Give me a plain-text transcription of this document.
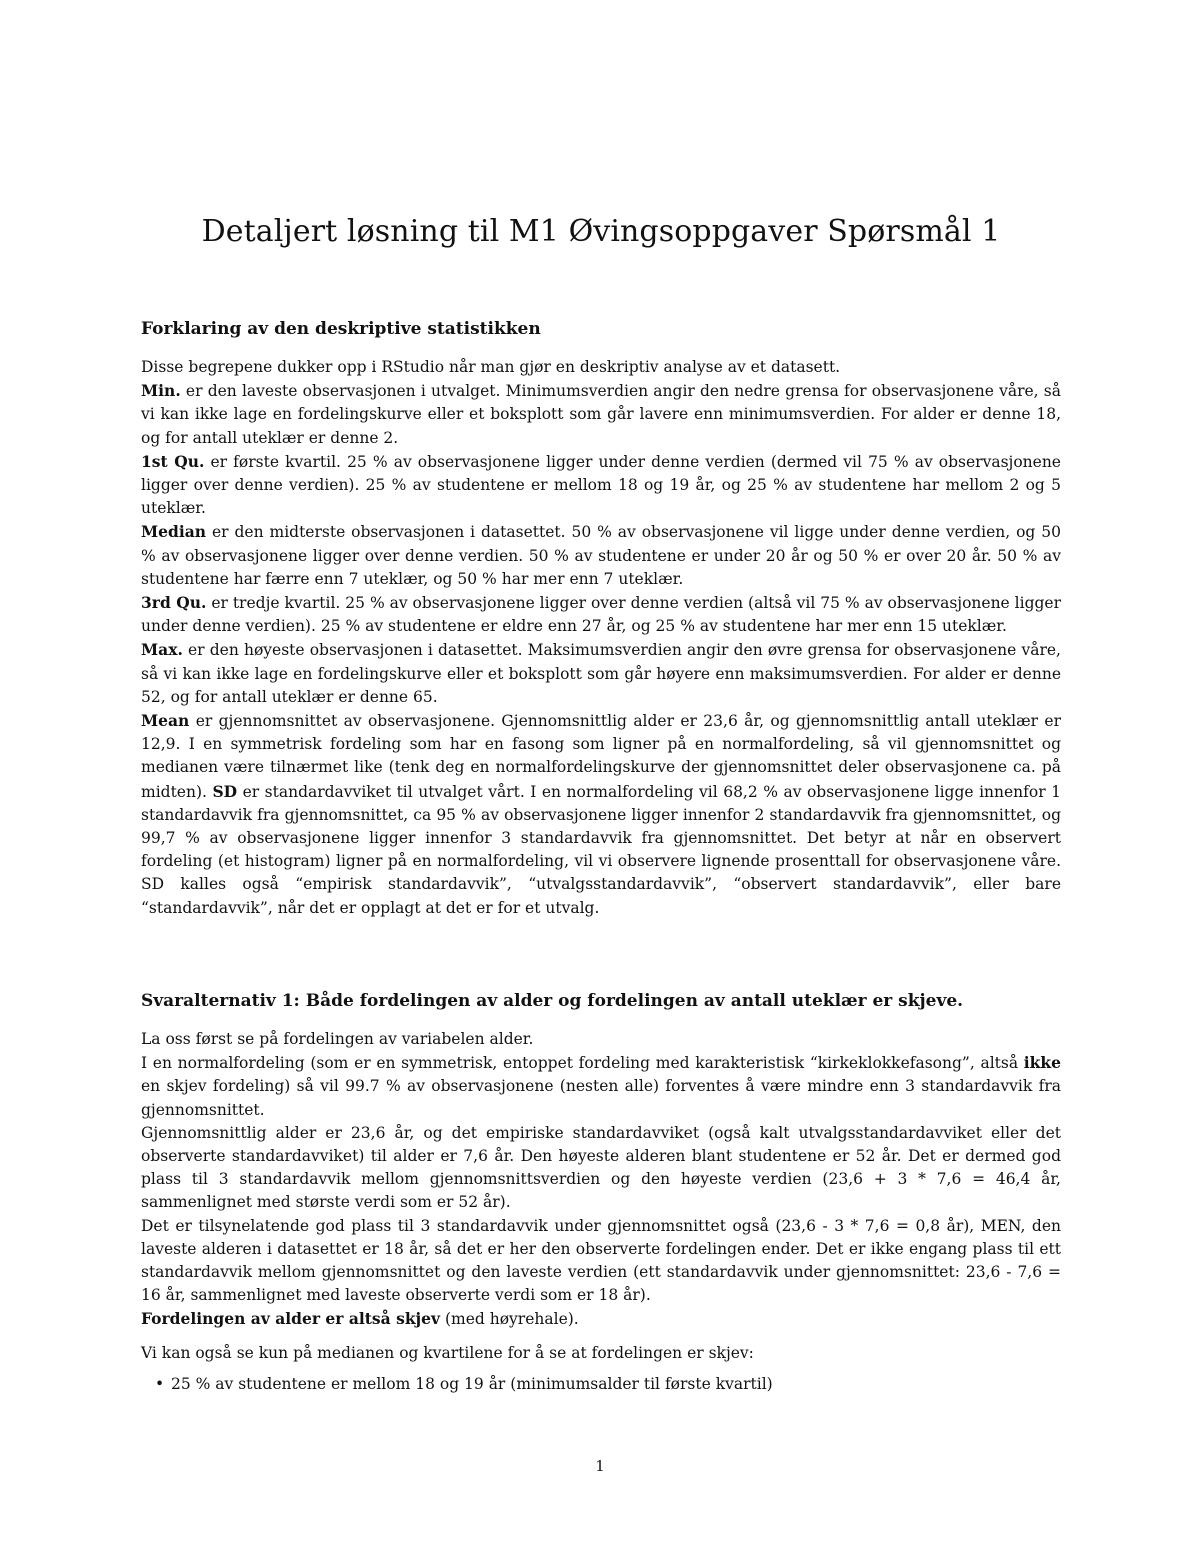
Detaljert løsning til M1 Øvingsoppgaver Spørsmål 1
Forklaring av den deskriptive statistikken

Disse begrepene dukker opp i RStudio når man gjør en deskriptiv analyse av et datasett.

Min. er den laveste observasjonen i utvalget. Minimumsverdien angir den nedre grensa for observasjonene våre, så vi kan ikke lage en fordelingskurve eller et boksplott som går lavere enn minimumsverdien. For alder er denne 18, og for antall uteklær er denne 2.

1st Qu. er første kvartil. 25 % av observasjonene ligger under denne verdien (dermed vil 75 % av observasjonene ligger over denne verdien). 25 % av studentene er mellom 18 og 19 år, og 25 % av studentene har mellom 2 og 5 uteklær.

Median er den midterste observasjonen i datasettet. 50 % av observasjonene vil ligge under denne verdien, og 50 % av observasjonene ligger over denne verdien. 50 % av studentene er under 20 år og 50 % er over 20 år. 50 % av studentene har færre enn 7 uteklær, og 50 % har mer enn 7 uteklær.

3rd Qu. er tredje kvartil. 25 % av observasjonene ligger over denne verdien (altså vil 75 % av observasjonene ligger under denne verdien). 25 % av studentene er eldre enn 27 år, og 25 % av studentene har mer enn 15 uteklær.

Max. er den høyeste observasjonen i datasettet. Maksimumsverdien angir den øvre grensa for observasjonene våre, så vi kan ikke lage en fordelingskurve eller et boksplott som går høyere enn maksimumsverdien. For alder er denne 52, og for antall uteklær er denne 65.

Mean er gjennomsnittet av observasjonene. Gjennomsnittlig alder er 23,6 år, og gjennomsnittlig antall uteklær er 12,9. I en symmetrisk fordeling som har en fasong som ligner på en normalfordeling, så vil gjennomsnittet og medianen være tilnærmet like (tenk deg en normalfordelingskurve der gjennomsnittet deler observasjonene ca. på midten). SD er standardavviket til utvalget vårt. I en normalfordeling vil 68,2 % av observasjonene ligge innenfor 1 standardavvik fra gjennomsnittet, ca 95 % av observasjonene ligger innenfor 2 standardavvik fra gjennomsnittet, og 99,7 % av observasjonene ligger innenfor 3 standardavvik fra gjennomsnittet. Det betyr at når en observert fordeling (et histogram) ligner på en normalfordeling, vil vi observere lignende prosenttall for observasjonene våre. SD kalles også “empirisk standardavvik”, “utvalgsstandardavvik”, “observert standardavvik”, eller bare “standardavvik”, når det er opplagt at det er for et utvalg.

Svaralternativ 1: Både fordelingen av alder og fordelingen av antall uteklær er skjeve.

La oss først se på fordelingen av variabelen alder.

I en normalfordeling (som er en symmetrisk, entoppet fordeling med karakteristisk “kirkeklokkefasong”, altså ikke en skjev fordeling) så vil 99.7 % av observasjonene (nesten alle) forventes å være mindre enn 3 standardavvik fra gjennomsnittet.

Gjennomsnittlig alder er 23,6 år, og det empiriske standardavviket (også kalt utvalgsstandardavviket eller det observerte standardavviket) til alder er 7,6 år. Den høyeste alderen blant studentene er 52 år. Det er dermed god plass til 3 standardavvik mellom gjennomsnittsverdien og den høyeste verdien (23,6 + 3 * 7,6 = 46,4 år, sammenlignet med største verdi som er 52 år).

Det er tilsynelatende god plass til 3 standardavvik under gjennomsnittet også (23,6 - 3 * 7,6 = 0,8 år), MEN, den laveste alderen i datasettet er 18 år, så det er her den observerte fordelingen ender. Det er ikke engang plass til ett standardavvik mellom gjennomsnittet og den laveste verdien (ett standardavvik under gjennomsnittet: 23,6 - 7,6 = 16 år, sammenlignet med laveste observerte verdi som er 18 år).

Fordelingen av alder er altså skjev (med høyrehale).

Vi kan også se kun på medianen og kvartilene for å se at fordelingen er skjev:

• 25 % av studentene er mellom 18 og 19 år (minimumsalder til første kvartil)
1
